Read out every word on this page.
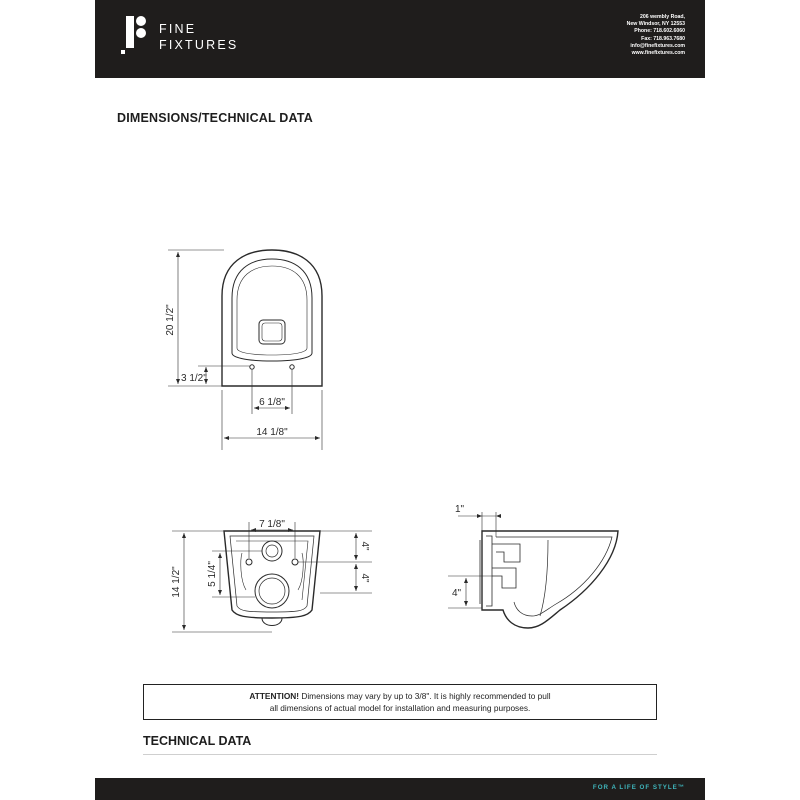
FINE
FIXTURES
206 wembly Road,
New Windsor, NY 12553
Phone: 718.602.6060
Fax: 718.963.7680
info@finefixtures.com
www.finefixtures.com
DIMENSIONS/TECHNICAL DATA
20 1/2"
3 1/2"
6 1/8"
14 1/8"
7 1/8"
14 1/2"	5 1/4"
4"
4"
1"
4"
ATTENTION! Dimensions may vary by up to 3/8". It is highly recommended to pull
all dimensions of actual model for installation and measuring purposes.
TECHNICAL DATA
FOR A LIFE OF STYLE™
